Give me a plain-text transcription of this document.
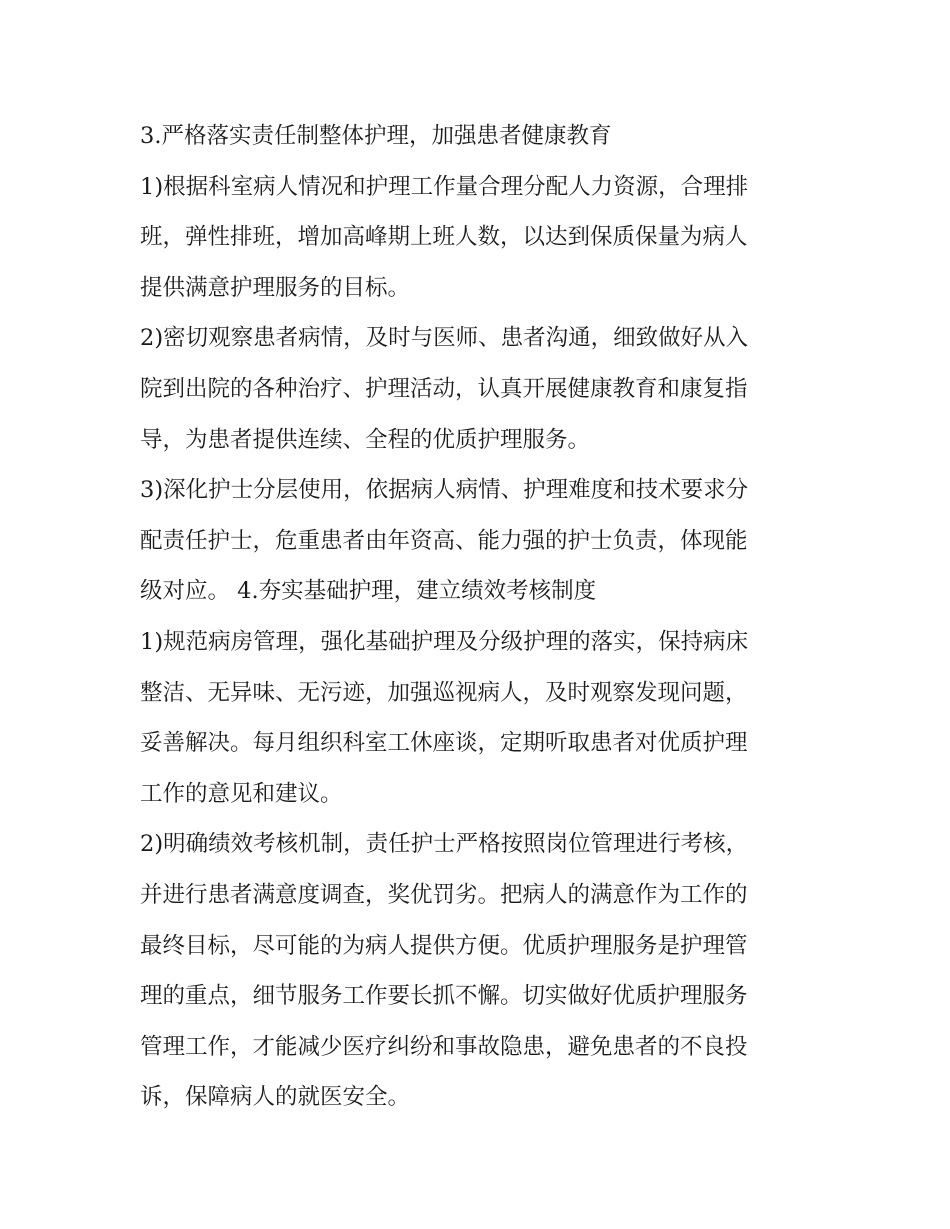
3.严格落实责任制整体护理，加强患者健康教育
1)根据科室病人情况和护理工作量合理分配人力资源，合理排
班，弹性排班，增加高峰期上班人数，以达到保质保量为病人
提供满意护理服务的目标。
2)密切观察患者病情，及时与医师、患者沟通，细致做好从入
院到出院的各种治疗、护理活动，认真开展健康教育和康复指
导，为患者提供连续、全程的优质护理服务。
3)深化护士分层使用，依据病人病情、护理难度和技术要求分
配责任护士，危重患者由年资高、能力强的护士负责，体现能
级对应。 4.夯实基础护理，建立绩效考核制度
1)规范病房管理，强化基础护理及分级护理的落实，保持病床
整洁、无异味、无污迹，加强巡视病人，及时观察发现问题，
妥善解决。每月组织科室工休座谈，定期听取患者对优质护理
工作的意见和建议。
2)明确绩效考核机制，责任护士严格按照岗位管理进行考核，
并进行患者满意度调查，奖优罚劣。把病人的满意作为工作的
最终目标，尽可能的为病人提供方便。优质护理服务是护理管
理的重点，细节服务工作要长抓不懈。切实做好优质护理服务
管理工作，才能减少医疗纠纷和事故隐患，避免患者的不良投
诉，保障病人的就医安全。
